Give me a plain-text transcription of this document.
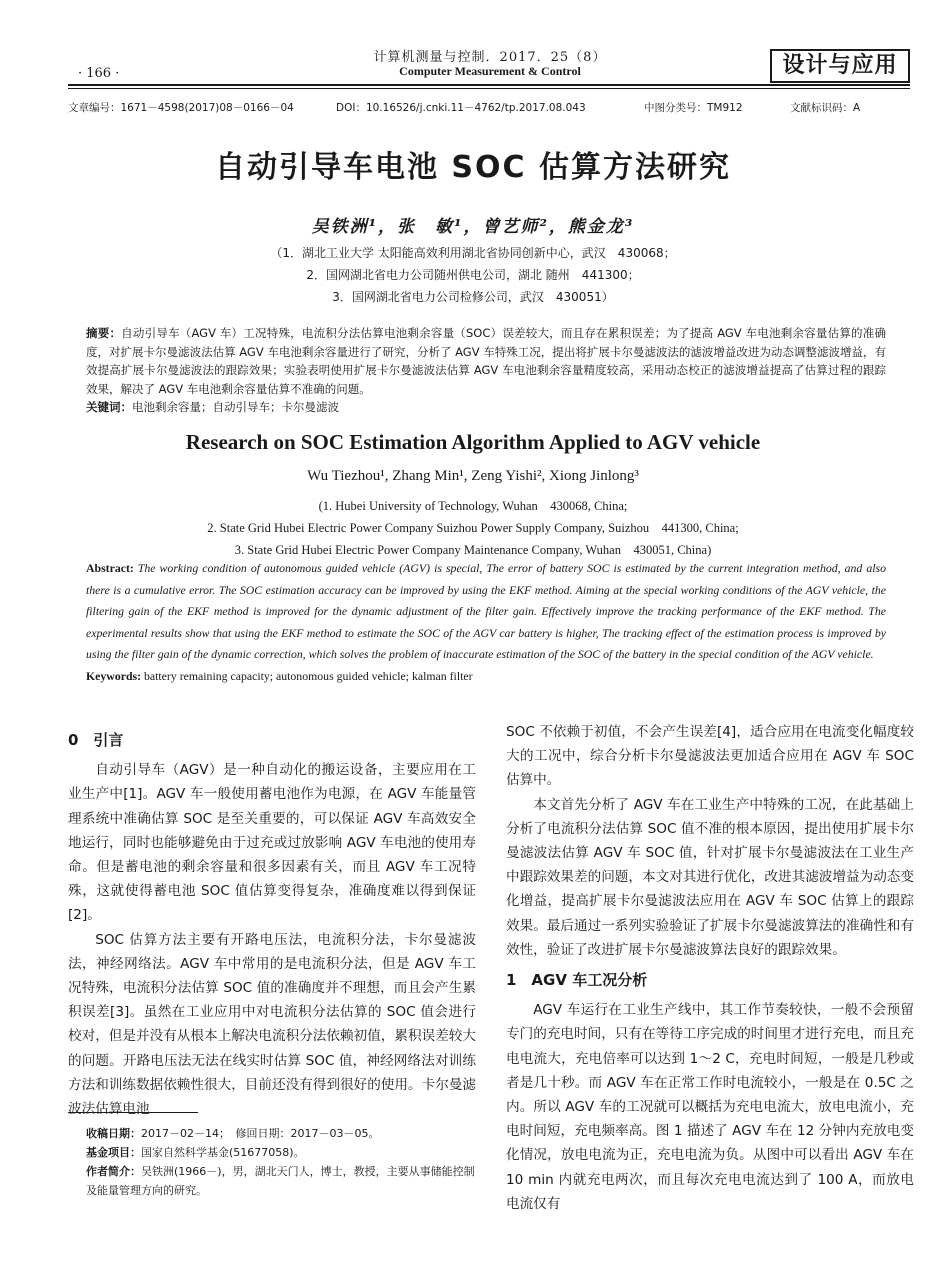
· 166 ·
计算机测量与控制．2017．25（8）
Computer Measurement & Control	设计与应用
文章编号：1671－4598(2017)08－0166－04	DOI：10.16526/j.cnki.11－4762/tp.2017.08.043	中图分类号：TM912	文献标识码：A
自动引导车电池 SOC 估算方法研究
吴铁洲¹，张　敏¹，曾艺师²，熊金龙³
（1．湖北工业大学 太阳能高效利用湖北省协同创新中心，武汉　430068；
2．国网湖北省电力公司随州供电公司，湖北 随州　441300；
3．国网湖北省电力公司检修公司，武汉　430051）
摘要：自动引导车（AGV 车）工况特殊，电流积分法估算电池剩余容量（SOC）误差较大，而且存在累积误差；为了提高 AGV 车电池剩余容量估算的准确度，对扩展卡尔曼滤波法估算 AGV 车电池剩余容量进行了研究，分析了 AGV 车特殊工况，提出将扩展卡尔曼滤波法的滤波增益改进为动态调整滤波增益，有效提高扩展卡尔曼滤波法的跟踪效果；实验表明使用扩展卡尔曼滤波法估算 AGV 车电池剩余容量精度较高，采用动态校正的滤波增益提高了估算过程的跟踪效果，解决了 AGV 车电池剩余容量估算不准确的问题。
关键词：电池剩余容量；自动引导车；卡尔曼滤波
Research on SOC Estimation Algorithm Applied to AGV vehicle
Wu Tiezhou¹, Zhang Min¹, Zeng Yishi², Xiong Jinlong³
(1. Hubei University of Technology, Wuhan　430068, China;
2. State Grid Hubei Electric Power Company Suizhou Power Supply Company, Suizhou　441300, China;
3. State Grid Hubei Electric Power Company Maintenance Company, Wuhan　430051, China)
Abstract: The working condition of autonomous guided vehicle (AGV) is special, The error of battery SOC is estimated by the current integration method, and also there is a cumulative error. The SOC estimation accuracy can be improved by using the EKF method. Aiming at the special working conditions of the AGV vehicle, the filtering gain of the EKF method is improved for the dynamic adjustment of the filter gain. Effectively improve the tracking performance of the EKF method. The experimental results show that using the EKF method to estimate the SOC of the AGV car battery is higher, The tracking effect of the estimation process is improved by using the filter gain of the dynamic correction, which solves the problem of inaccurate estimation of the SOC of the battery in the special condition of the AGV vehicle.
Keywords: battery remaining capacity; autonomous guided vehicle; kalman filter

0　引言

自动引导车（AGV）是一种自动化的搬运设备，主要应用在工业生产中[1]。AGV 车一般使用蓄电池作为电源，在 AGV 车能量管理系统中准确估算 SOC 是至关重要的，可以保证 AGV 车高效安全地运行，同时也能够避免由于过充或过放影响 AGV 车电池的使用寿命。但是蓄电池的剩余容量和很多因素有关，而且 AGV 车工况特殊，这就使得蓄电池 SOC 值估算变得复杂，准确度难以得到保证[2]。

SOC 估算方法主要有开路电压法，电流积分法，卡尔曼滤波法，神经网络法。AGV 车中常用的是电流积分法，但是 AGV 车工况特殊，电流积分法估算 SOC 值的准确度并不理想，而且会产生累积误差[3]。虽然在工业应用中对电流积分法估算的 SOC 值会进行校对，但是并没有从根本上解决电流积分法依赖初值，累积误差较大的问题。开路电压法无法在线实时估算 SOC 值，神经网络法对训练方法和训练数据依赖性很大，目前还没有得到很好的使用。卡尔曼滤波法估算电池

收稿日期：2017－02－14；　修回日期：2017－03－05。
基金项目：国家自然科学基金(51677058)。
作者简介：吴铁洲(1966－)，男，湖北天门人，博士，教授，主要从事储能控制及能量管理方向的研究。

SOC 不依赖于初值，不会产生误差[4]，适合应用在电流变化幅度较大的工况中，综合分析卡尔曼滤波法更加适合应用在 AGV 车 SOC 估算中。

本文首先分析了 AGV 车在工业生产中特殊的工况，在此基础上分析了电流积分法估算 SOC 值不准的根本原因，提出使用扩展卡尔曼滤波法估算 AGV 车 SOC 值，针对扩展卡尔曼滤波法在工业生产中跟踪效果差的问题，本文对其进行优化，改进其滤波增益为动态变化增益，提高扩展卡尔曼滤波法应用在 AGV 车 SOC 估算上的跟踪效果。最后通过一系列实验验证了扩展卡尔曼滤波算法的准确性和有效性，验证了改进扩展卡尔曼滤波算法良好的跟踪效果。

1　AGV 车工况分析

AGV 车运行在工业生产线中，其工作节奏较快，一般不会预留专门的充电时间，只有在等待工序完成的时间里才进行充电，而且充电电流大，充电倍率可以达到 1～2 C，充电时间短，一般是几秒或者是几十秒。而 AGV 车在正常工作时电流较小，一般是在 0.5C 之内。所以 AGV 车的工况就可以概括为充电电流大，放电电流小，充电时间短，充电频率高。图 1 描述了 AGV 车在 12 分钟内充放电变化情况，放电电流为正，充电电流为负。从图中可以看出 AGV 车在 10 min 内就充电两次，而且每次充电电流达到了 100 A，而放电电流仅有
